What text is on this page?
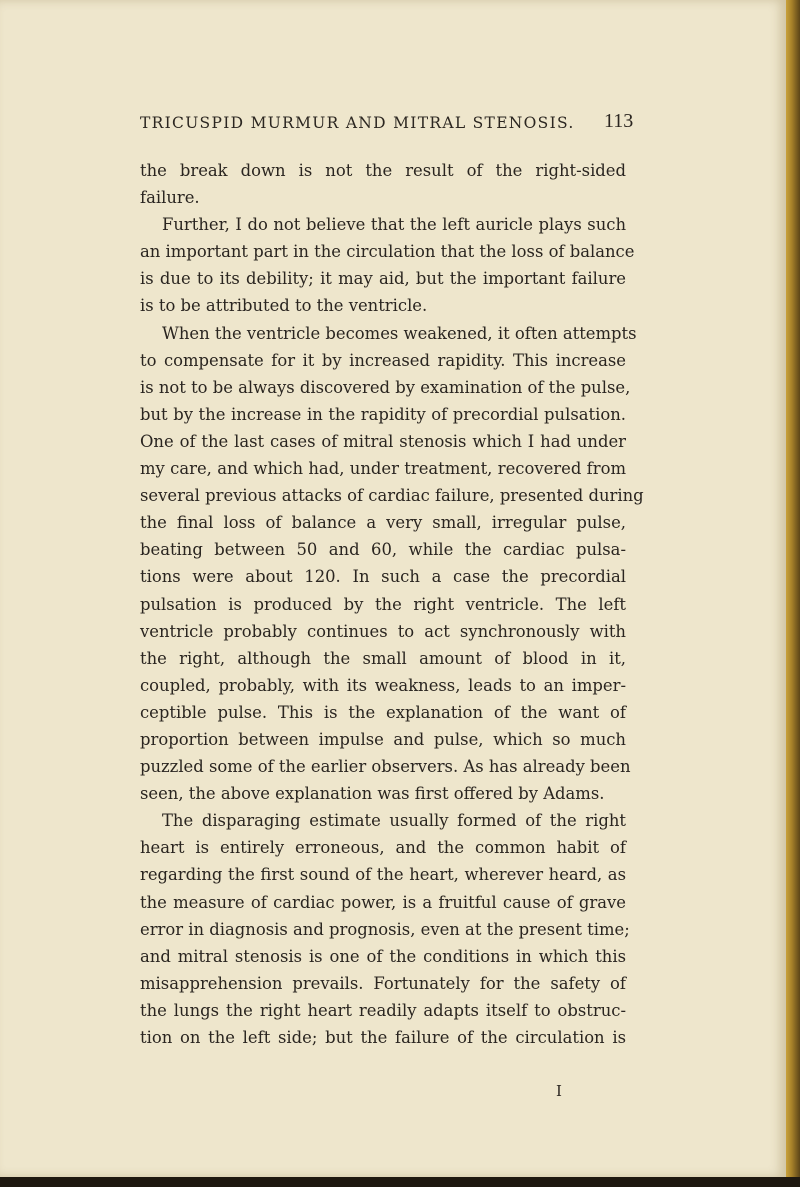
TRICUSPID MURMUR AND MITRAL STENOSIS.	113
the break down is not the result of the right-sided
failure.
Further, I do not believe that the left auricle plays such
an important part in the circulation that the loss of balance
is due to its debility; it may aid, but the important failure
is to be attributed to the ventricle.
When the ventricle becomes weakened, it often attempts
to compensate for it by increased rapidity. This increase
is not to be always discovered by examination of the pulse,
but by the increase in the rapidity of precordial pulsation.
One of the last cases of mitral stenosis which I had under
my care, and which had, under treatment, recovered from
several previous attacks of cardiac failure, presented during
the final loss of balance a very small, irregular pulse,
beating between 50 and 60, while the cardiac pulsa-
tions were about 120. In such a case the precordial
pulsation is produced by the right ventricle. The left
ventricle probably continues to act synchronously with
the right, although the small amount of blood in it,
coupled, probably, with its weakness, leads to an imper-
ceptible pulse. This is the explanation of the want of
proportion between impulse and pulse, which so much
puzzled some of the earlier observers. As has already been
seen, the above explanation was first offered by Adams.
The disparaging estimate usually formed of the right
heart is entirely erroneous, and the common habit of
regarding the first sound of the heart, wherever heard, as
the measure of cardiac power, is a fruitful cause of grave
error in diagnosis and prognosis, even at the present time;
and mitral stenosis is one of the conditions in which this
misapprehension prevails. Fortunately for the safety of
the lungs the right heart readily adapts itself to obstruc-
tion on the left side; but the failure of the circulation is
I
